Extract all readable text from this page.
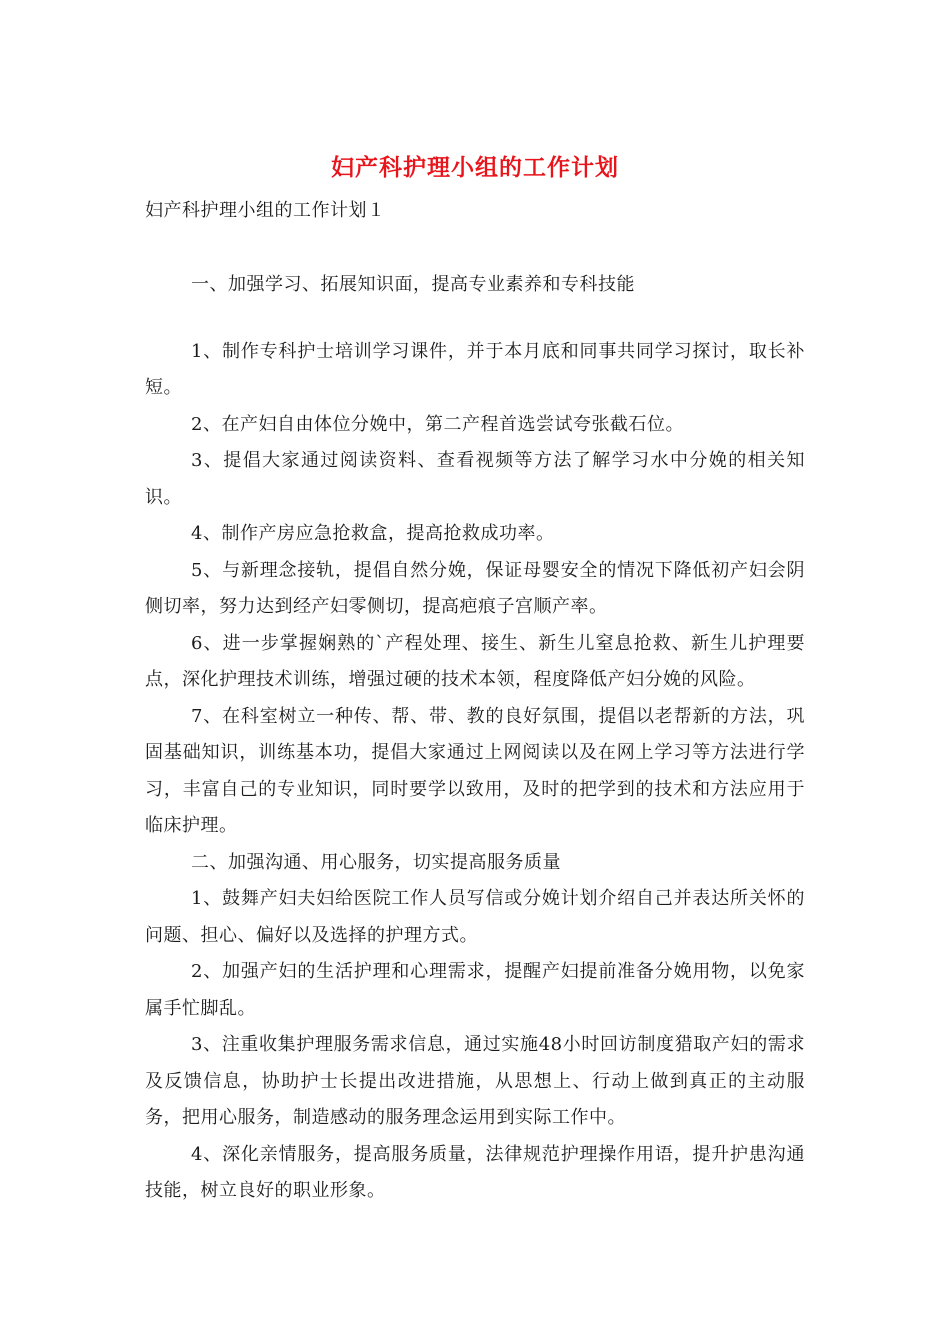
妇产科护理小组的工作计划

妇产科护理小组的工作计划１

一、加强学习、拓展知识面，提高专业素养和专科技能

1、制作专科护士培训学习课件，并于本月底和同事共同学习探讨，取长补短。

2、在产妇自由体位分娩中，第二产程首选尝试夸张截石位。

3、提倡大家通过阅读资料、查看视频等方法了解学习水中分娩的相关知识。

4、制作产房应急抢救盒，提高抢救成功率。

5、与新理念接轨，提倡自然分娩，保证母婴安全的情况下降低初产妇会阴侧切率，努力达到经产妇零侧切，提高疤痕子宫顺产率。

6、进一步掌握娴熟的`产程处理、接生、新生儿窒息抢救、新生儿护理要点，深化护理技术训练，增强过硬的技术本领，程度降低产妇分娩的风险。

7、在科室树立一种传、帮、带、教的良好氛围，提倡以老帮新的方法，巩固基础知识，训练基本功，提倡大家通过上网阅读以及在网上学习等方法进行学习，丰富自己的专业知识，同时要学以致用，及时的把学到的技术和方法应用于临床护理。

二、加强沟通、用心服务，切实提高服务质量

1、鼓舞产妇夫妇给医院工作人员写信或分娩计划介绍自己并表达所关怀的问题、担心、偏好以及选择的护理方式。

2、加强产妇的生活护理和心理需求，提醒产妇提前准备分娩用物，以免家属手忙脚乱。

3、注重收集护理服务需求信息，通过实施48小时回访制度猎取产妇的需求及反馈信息，协助护士长提出改进措施，从思想上、行动上做到真正的主动服务，把用心服务，制造感动的服务理念运用到实际工作中。

4、深化亲情服务，提高服务质量，法律规范护理操作用语，提升护患沟通技能，树立良好的职业形象。
